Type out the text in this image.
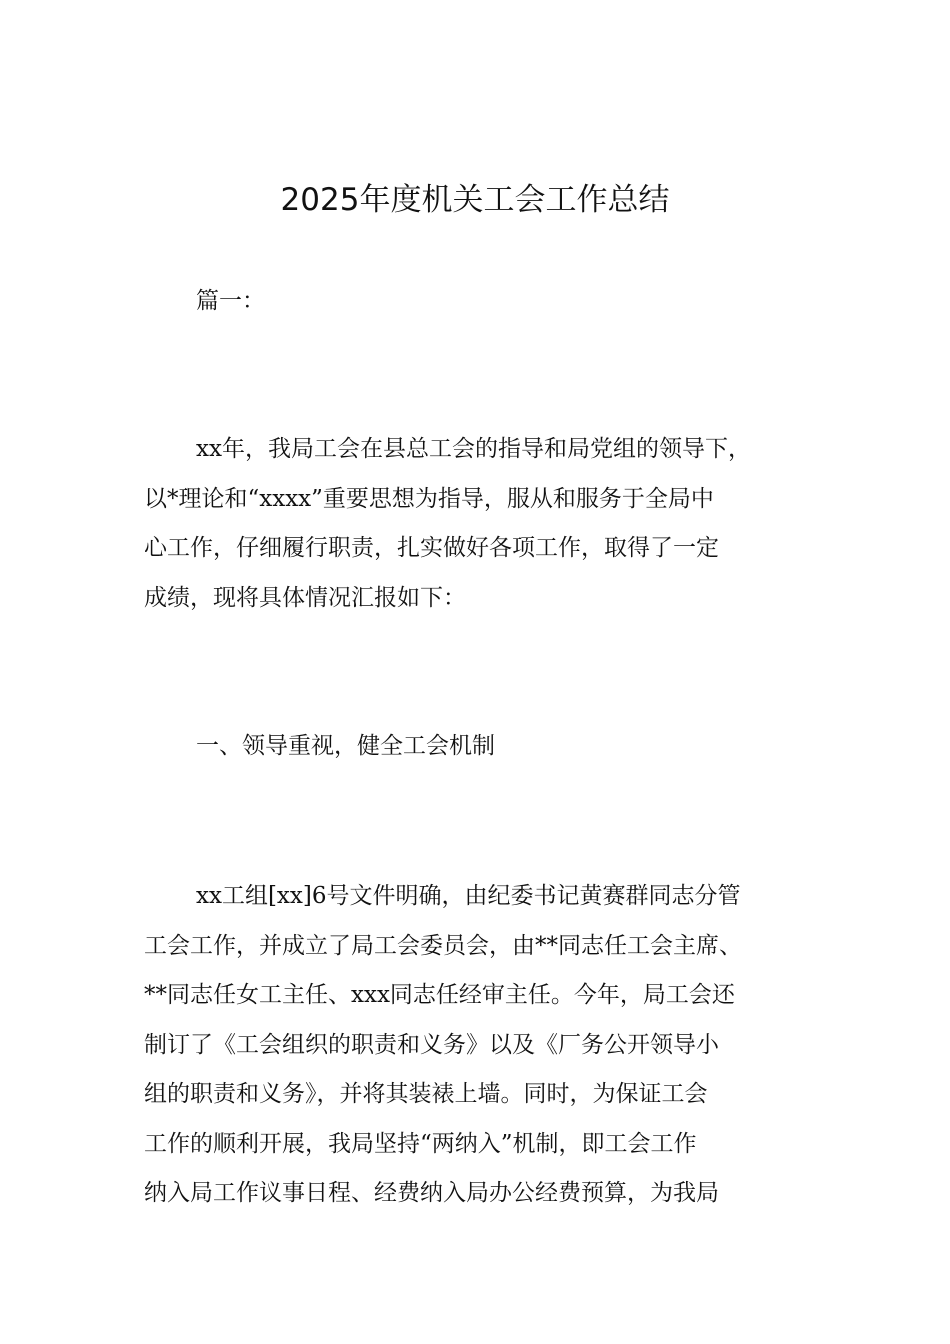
2025年度机关工会工作总结
篇一：
xx年，我局工会在县总工会的指导和局党组的领导下，
以*理论和“xxxx”重要思想为指导，服从和服务于全局中
心工作，仔细履行职责，扎实做好各项工作，取得了一定
成绩，现将具体情况汇报如下：
一、领导重视，健全工会机制
xx工组[xx]6号文件明确，由纪委书记黄赛群同志分管
工会工作，并成立了局工会委员会，由**同志任工会主席、
**同志任女工主任、xxx同志任经审主任。今年，局工会还
制订了《工会组织的职责和义务》以及《厂务公开领导小
组的职责和义务》，并将其装裱上墙。同时，为保证工会
工作的顺利开展，我局坚持“两纳入”机制，即工会工作
纳入局工作议事日程、经费纳入局办公经费预算，为我局
